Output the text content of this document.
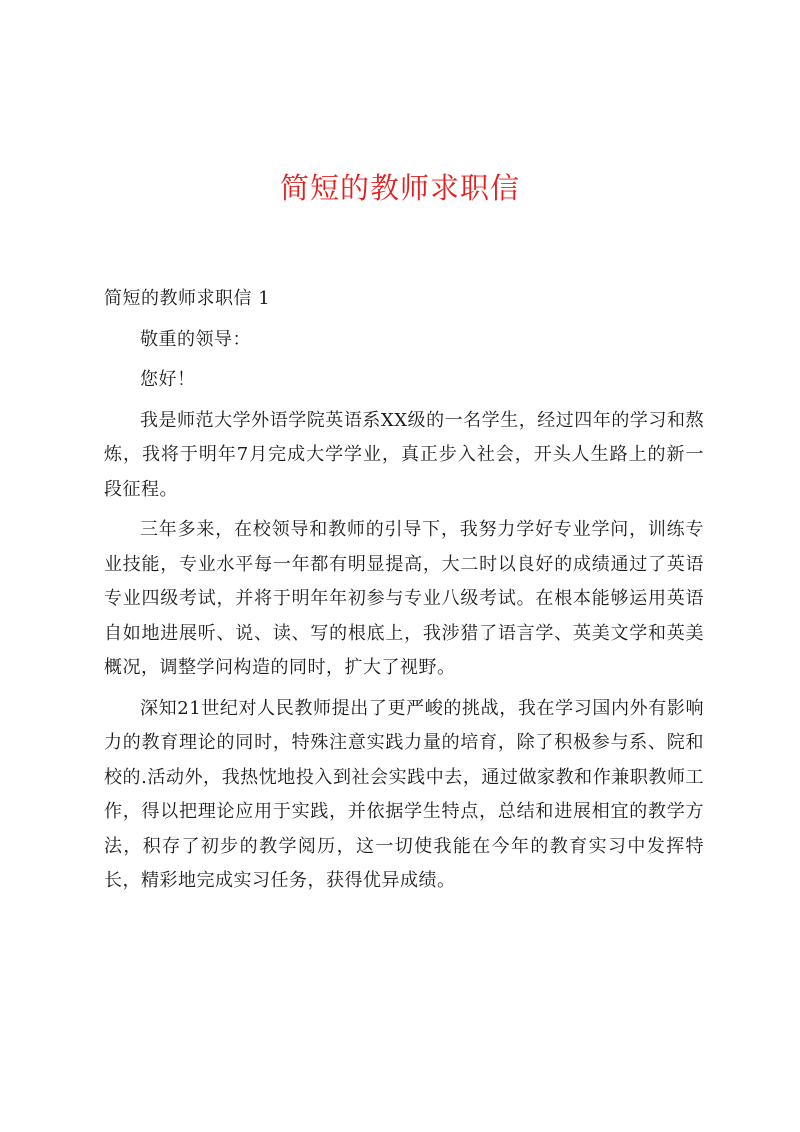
简短的教师求职信

简短的教师求职信 1

敬重的领导：

您好！

我是师范大学外语学院英语系XX级的一名学生，经过四年的学习和熬炼，我将于明年7月完成大学学业，真正步入社会，开头人生路上的新一段征程。

三年多来，在校领导和教师的引导下，我努力学好专业学问，训练专业技能，专业水平每一年都有明显提高，大二时以良好的成绩通过了英语专业四级考试，并将于明年年初参与专业八级考试。在根本能够运用英语自如地进展听、说、读、写的根底上，我涉猎了语言学、英美文学和英美概况，调整学问构造的同时，扩大了视野。

深知21世纪对人民教师提出了更严峻的挑战，我在学习国内外有影响力的教育理论的同时，特殊注意实践力量的培育，除了积极参与系、院和校的.活动外，我热忱地投入到社会实践中去，通过做家教和作兼职教师工作，得以把理论应用于实践，并依据学生特点，总结和进展相宜的教学方法，积存了初步的教学阅历，这一切使我能在今年的教育实习中发挥特长，精彩地完成实习任务，获得优异成绩。
